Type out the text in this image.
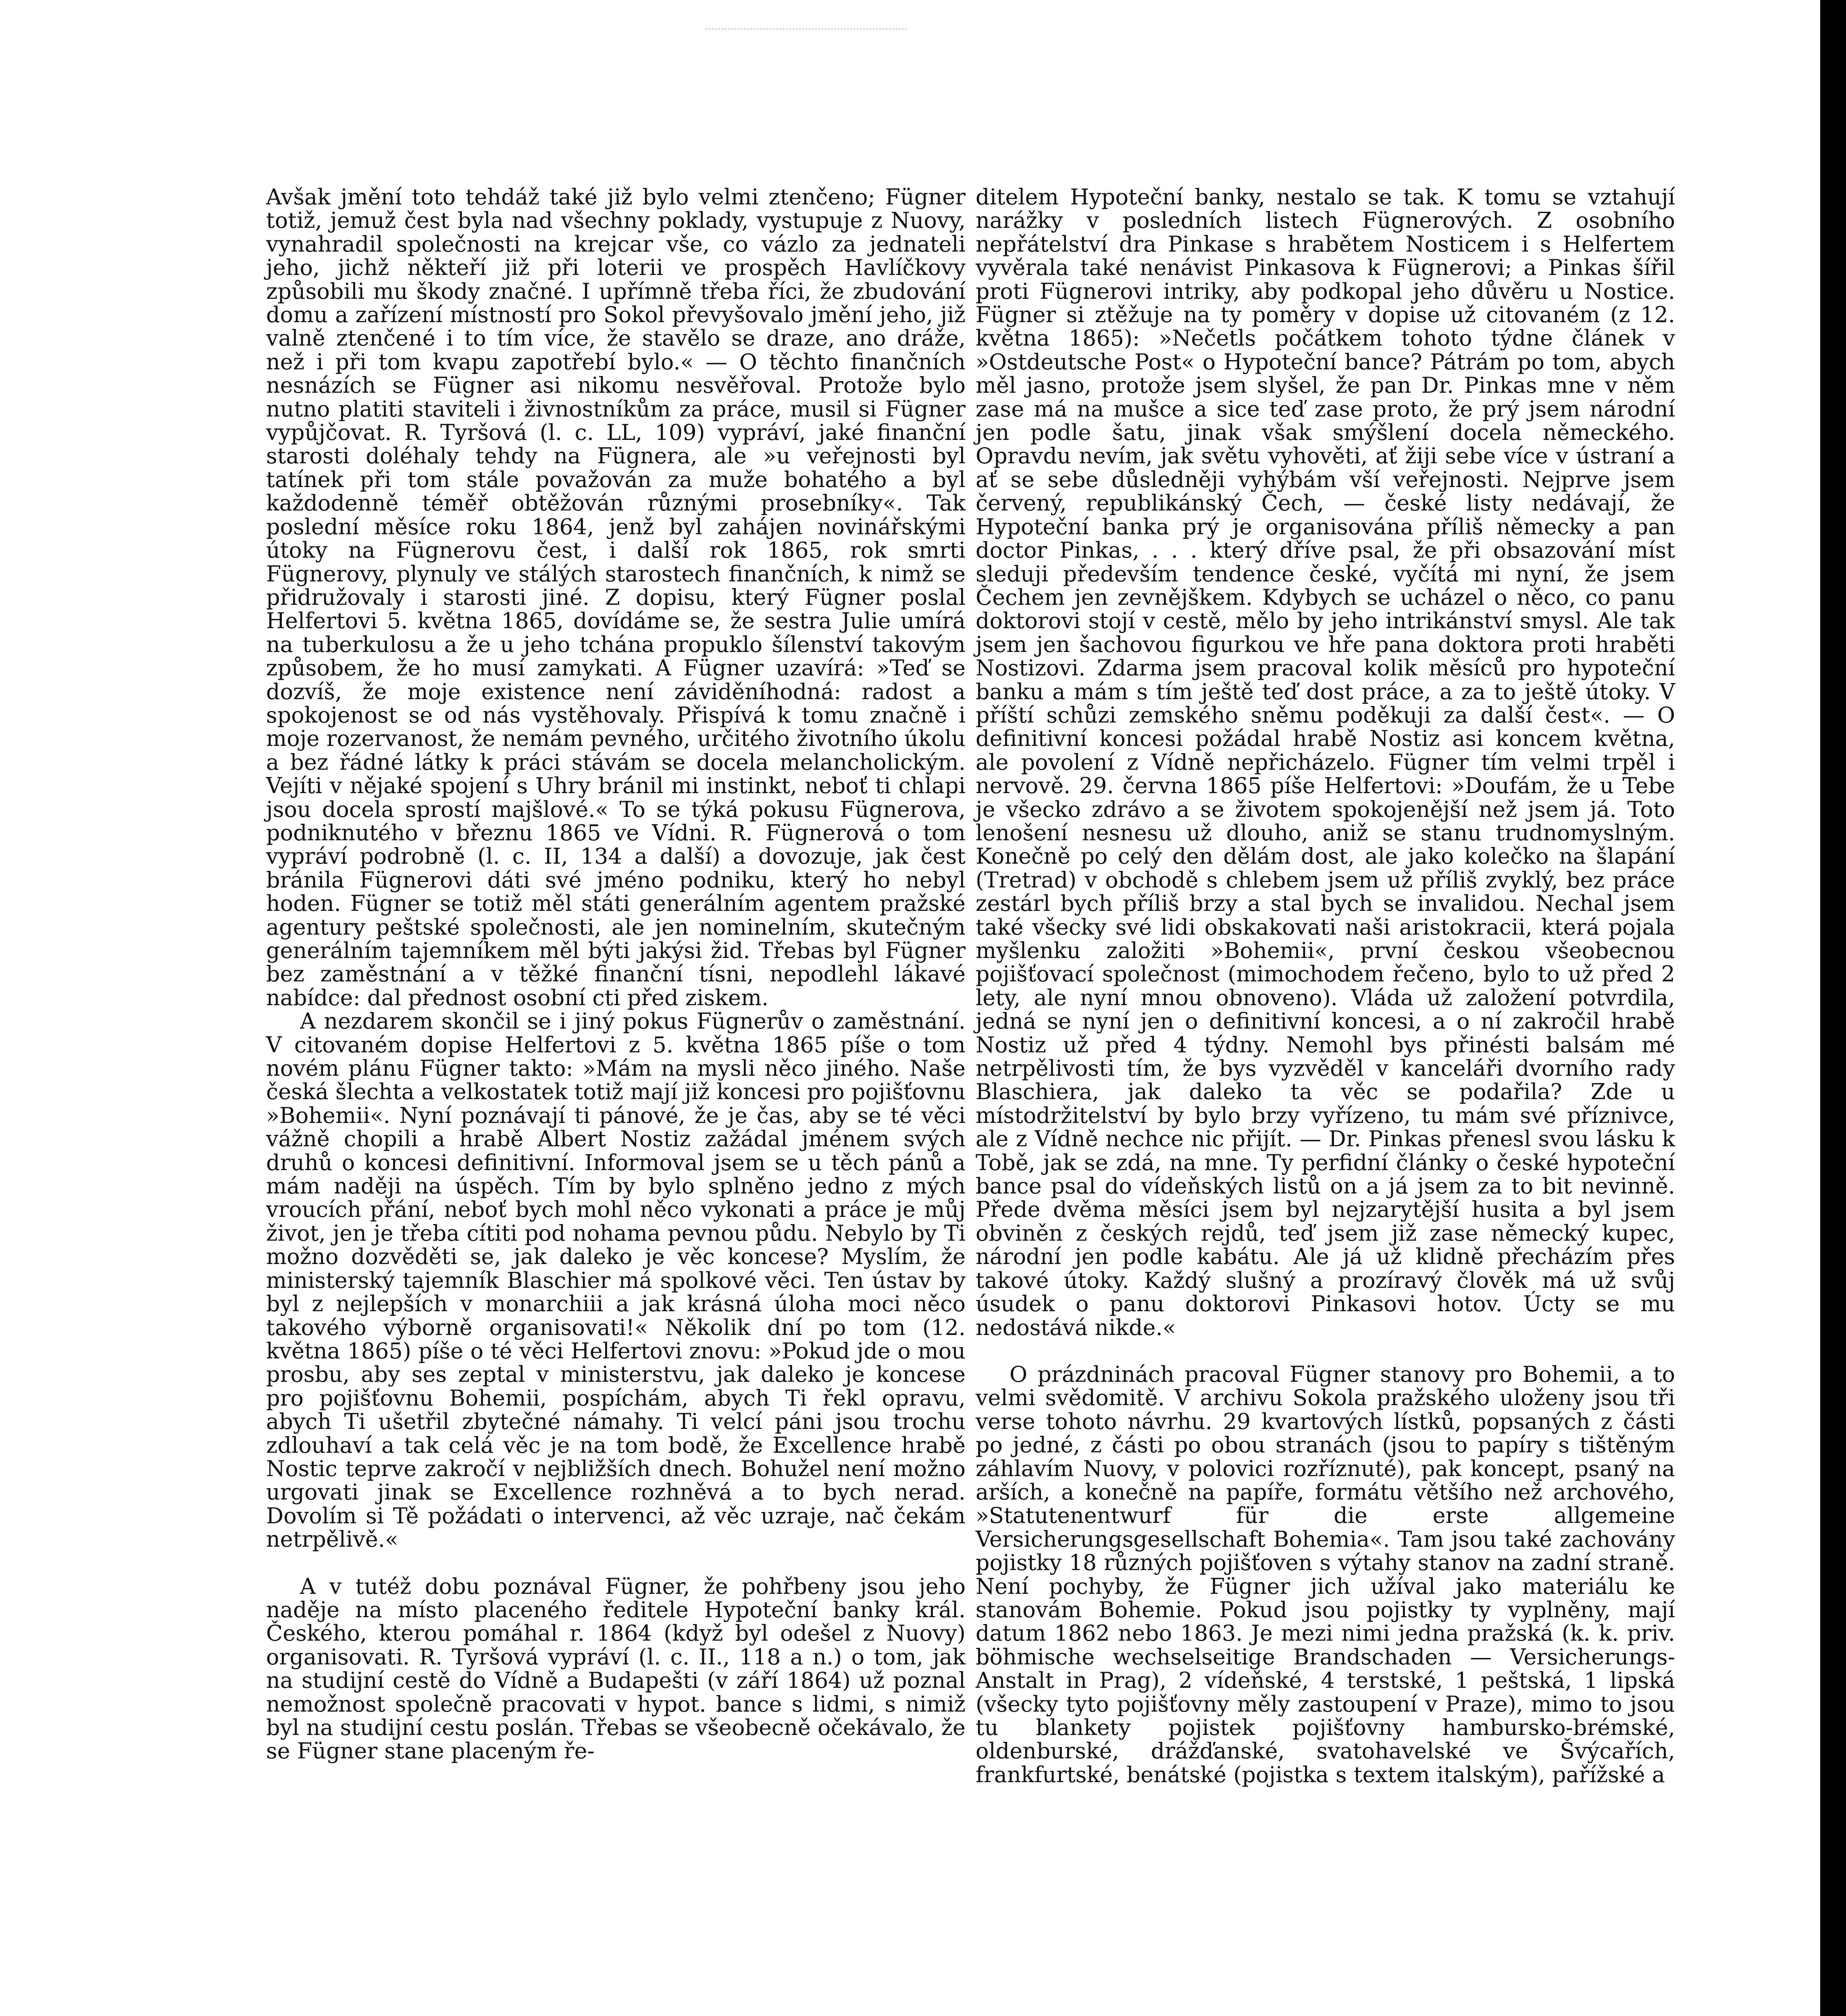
Avšak jmění toto tehdáž také již bylo velmi ztenčeno; Fügner totiž, jemuž čest byla nad všechny poklady, vystupuje z Nuovy, vynahradil společnosti na krejcar vše, co vázlo za jednateli jeho, jichž někteří již při loterii ve prospěch Havlíčkovy způsobili mu škody značné. I upřímně třeba říci, že zbudování domu a zařízení místností pro Sokol převyšovalo jmění jeho, již valně ztenčené i to tím více, že stavělo se draze, ano dráže, než i při tom kvapu zapotřebí bylo.« — O těchto finančních nesnázích se Fügner asi nikomu nesvěřoval. Protože bylo nutno platiti staviteli i živnostníkům za práce, musil si Fügner vypůjčovat. R. Tyršová (l. c. LL, 109) vypráví, jaké finanční starosti doléhaly tehdy na Fügnera, ale »u veřejnosti byl tatínek při tom stále považován za muže bohatého a byl každodenně téměř obtěžován různými prosebníky«. Tak poslední měsíce roku 1864, jenž byl zahájen novinářskými útoky na Fügnerovu čest, i další rok 1865, rok smrti Fügnerovy, plynuly ve stálých starostech finančních, k nimž se přidružovaly i starosti jiné. Z dopisu, který Fügner poslal Helfertovi 5. května 1865, dovídáme se, že sestra Julie umírá na tuberkulosu a že u jeho tchána propuklo šílenství takovým způsobem, že ho musí zamykati. A Fügner uzavírá: »Teď se dozvíš, že moje existence není záviděníhodná: radost a spokojenost se od nás vystěhovaly. Přispívá k tomu značně i moje rozervanost, že nemám pevného, určitého životního úkolu a bez řádné látky k práci stávám se docela melancholickým. Vejíti v nějaké spojení s Uhry bránil mi instinkt, neboť ti chlapi jsou docela sprostí majšlové.« To se týká pokusu Fügnerova, podniknutého v březnu 1865 ve Vídni. R. Fügnerová o tom vypráví podrobně (l. c. II, 134 a další) a dovozuje, jak čest bránila Fügnerovi dáti své jméno podniku, který ho nebyl hoden. Fügner se totiž měl státi generálním agentem pražské agentury peštské společnosti, ale jen nominelním, skutečným generálním tajemníkem měl býti jakýsi žid. Třebas byl Fügner bez zaměstnání a v těžké finanční tísni, nepodlehl lákavé nabídce: dal přednost osobní cti před ziskem.

A nezdarem skončil se i jiný pokus Fügnerův o zaměstnání. V citovaném dopise Helfertovi z 5. května 1865 píše o tom novém plánu Fügner takto: »Mám na mysli něco jiného. Naše česká šlechta a velkostatek totiž mají již koncesi pro pojišťovnu »Bohemii«. Nyní poznávají ti pánové, že je čas, aby se té věci vážně chopili a hrabě Albert Nostiz zažádal jménem svých druhů o koncesi definitivní. Informoval jsem se u těch pánů a mám naději na úspěch. Tím by bylo splněno jedno z mých vroucích přání, neboť bych mohl něco vykonati a práce je můj život, jen je třeba cítiti pod nohama pevnou půdu. Nebylo by Ti možno dozvěděti se, jak daleko je věc koncese? Myslím, že ministerský tajemník Blaschier má spolkové věci. Ten ústav by byl z nejlepších v monarchiii a jak krásná úloha moci něco takového výborně organisovati!« Několik dní po tom (12. května 1865) píše o té věci Helfertovi znovu: »Pokud jde o mou prosbu, aby ses zeptal v ministerstvu, jak daleko je koncese pro pojišťovnu Bohemii, pospíchám, abych Ti řekl opravu, abych Ti ušetřil zbytečné námahy. Ti velcí páni jsou trochu zdlouhaví a tak celá věc je na tom bodě, že Excellence hrabě Nostic teprve zakročí v nejbližších dnech. Bohužel není možno urgovati jinak se Excellence rozhněvá a to bych nerad. Dovolím si Tě požádati o intervenci, až věc uzraje, nač čekám netrpělivě.«

A v tutéž dobu poznával Fügner, že pohřbeny jsou jeho naděje na místo placeného ředitele Hypoteční banky král. Českého, kterou pomáhal r. 1864 (když byl odešel z Nuovy) organisovati. R. Tyršová vypráví (l. c. II., 118 a n.) o tom, jak na studijní cestě do Vídně a Budapešti (v září 1864) už poznal nemožnost společně pracovati v hypot. bance s lidmi, s nimiž byl na studijní cestu poslán. Třebas se všeobecně očekávalo, že se Fügner stane placeným ře-

ditelem Hypoteční banky, nestalo se tak. K tomu se vztahují narážky v posledních listech Fügnerových. Z osobního nepřátelství dra Pinkase s hrabětem Nosticem i s Helfertem vyvěrala také nenávist Pinkasova k Fügnerovi; a Pinkas šířil proti Fügnerovi intriky, aby podkopal jeho důvěru u Nostice. Fügner si ztěžuje na ty poměry v dopise už citovaném (z 12. května 1865): »Nečetls počátkem tohoto týdne článek v »Ostdeutsche Post« o Hypoteční bance? Pátrám po tom, abych měl jasno, protože jsem slyšel, že pan Dr. Pinkas mne v něm zase má na mušce a sice teď zase proto, že prý jsem národní jen podle šatu, jinak však smýšlení docela německého. Opravdu nevím, jak světu vyhověti, ať žiji sebe více v ústraní a ať se sebe důsledněji vyhýbám vší veřejnosti. Nejprve jsem červený, republikánský Čech, — české listy nedávají, že Hypoteční banka prý je organisována příliš německy a pan doctor Pinkas, . . . který dříve psal, že při obsazování míst sleduji především tendence české, vyčítá mi nyní, že jsem Čechem jen zevnějškem. Kdybych se ucházel o něco, co panu doktorovi stojí v cestě, mělo by jeho intrikánství smysl. Ale tak jsem jen šachovou figurkou ve hře pana doktora proti hraběti Nostizovi. Zdarma jsem pracoval kolik měsíců pro hypoteční banku a mám s tím ještě teď dost práce, a za to ještě útoky. V příští schůzi zemského sněmu poděkuji za další čest«. — O definitivní koncesi požádal hrabě Nostiz asi koncem května, ale povolení z Vídně nepřicházelo. Fügner tím velmi trpěl i nervově. 29. června 1865 píše Helfertovi: »Doufám, že u Tebe je všecko zdrávo a se životem spokojenější než jsem já. Toto lenošení nesnesu už dlouho, aniž se stanu trudnomyslným. Konečně po celý den dělám dost, ale jako kolečko na šlapání (Tretrad) v obchodě s chlebem jsem už příliš zvyklý, bez práce zestárl bych příliš brzy a stal bych se invalidou. Nechal jsem také všecky své lidi obskakovati naši aristokracii, která pojala myšlenku založiti »Bohemii«, první českou všeobecnou pojišťovací společnost (mimochodem řečeno, bylo to už před 2 lety, ale nyní mnou obnoveno). Vláda už založení potvrdila, jedná se nyní jen o definitivní koncesi, a o ní zakročil hrabě Nostiz už před 4 týdny. Nemohl bys přinésti balsám mé netrpělivosti tím, že bys vyzvěděl v kanceláři dvorního rady Blaschiera, jak daleko ta věc se podařila? Zde u místodržitelství by bylo brzy vyřízeno, tu mám své příznivce, ale z Vídně nechce nic přijít. — Dr. Pinkas přenesl svou lásku k Tobě, jak se zdá, na mne. Ty perfidní články o české hypoteční bance psal do vídeňských listů on a já jsem za to bit nevinně. Přede dvěma měsíci jsem byl nejzarytější husita a byl jsem obviněn z českých rejdů, teď jsem již zase německý kupec, národní jen podle kabátu. Ale já už klidně přecházím přes takové útoky. Každý slušný a prozíravý člověk má už svůj úsudek o panu doktorovi Pinkasovi hotov. Úcty se mu nedostává nikde.«

O prázdninách pracoval Fügner stanovy pro Bohemii, a to velmi svědomitě. V archivu Sokola pražského uloženy jsou tři verse tohoto návrhu. 29 kvartových lístků, popsaných z části po jedné, z části po obou stranách (jsou to papíry s tištěným záhlavím Nuovy, v polovici rozříznuté), pak koncept, psaný na arších, a konečně na papíře, formátu většího než archového, »Statutenentwurf für die erste allgemeine Versicherungsgesellschaft Bohemia«. Tam jsou také zachovány pojistky 18 různých pojišťoven s výtahy stanov na zadní straně. Není pochyby, že Fügner jich užíval jako materiálu ke stanovám Bohemie. Pokud jsou pojistky ty vyplněny, mají datum 1862 nebo 1863. Je mezi nimi jedna pražská (k. k. priv. böhmische wechselseitige Brandschaden — Versicherungs-Anstalt in Prag), 2 vídeňské, 4 terstské, 1 peštská, 1 lipská (všecky tyto pojišťovny měly zastoupení v Praze), mimo to jsou tu blankety pojistek pojišťovny hambursko-brémské, oldenburské, drážďanské, svatohavelské ve Švýcařích, frankfurtské, benátské (pojistka s textem italským), pařížské a
